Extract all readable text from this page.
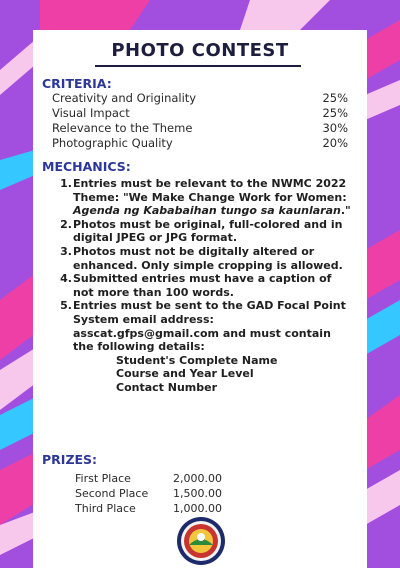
PHOTO CONTEST
CRITERIA:
Creativity and Originality	25%
Visual Impact	25%
Relevance to the Theme	30%
Photographic Quality	20%
MECHANICS:
1. Entries must be relevant to the NWMC 2022 Theme: "We Make Change Work for Women: Agenda ng Kababaihan tungo sa kaunlaran."
2. Photos must be original, full-colored and in digital JPEG or JPG format.
3. Photos must not be digitally altered or enhanced. Only simple cropping is allowed.
4. Submitted entries must have a caption of not more than 100 words.
5. Entries must be sent to the GAD Focal Point System email address: asscat.gfps@gmail.com and must contain the following details:
Student's Complete Name
Course and Year Level
Contact Number
PRIZES:
First Place	2,000.00
Second Place	1,500.00
Third Place	1,000.00
